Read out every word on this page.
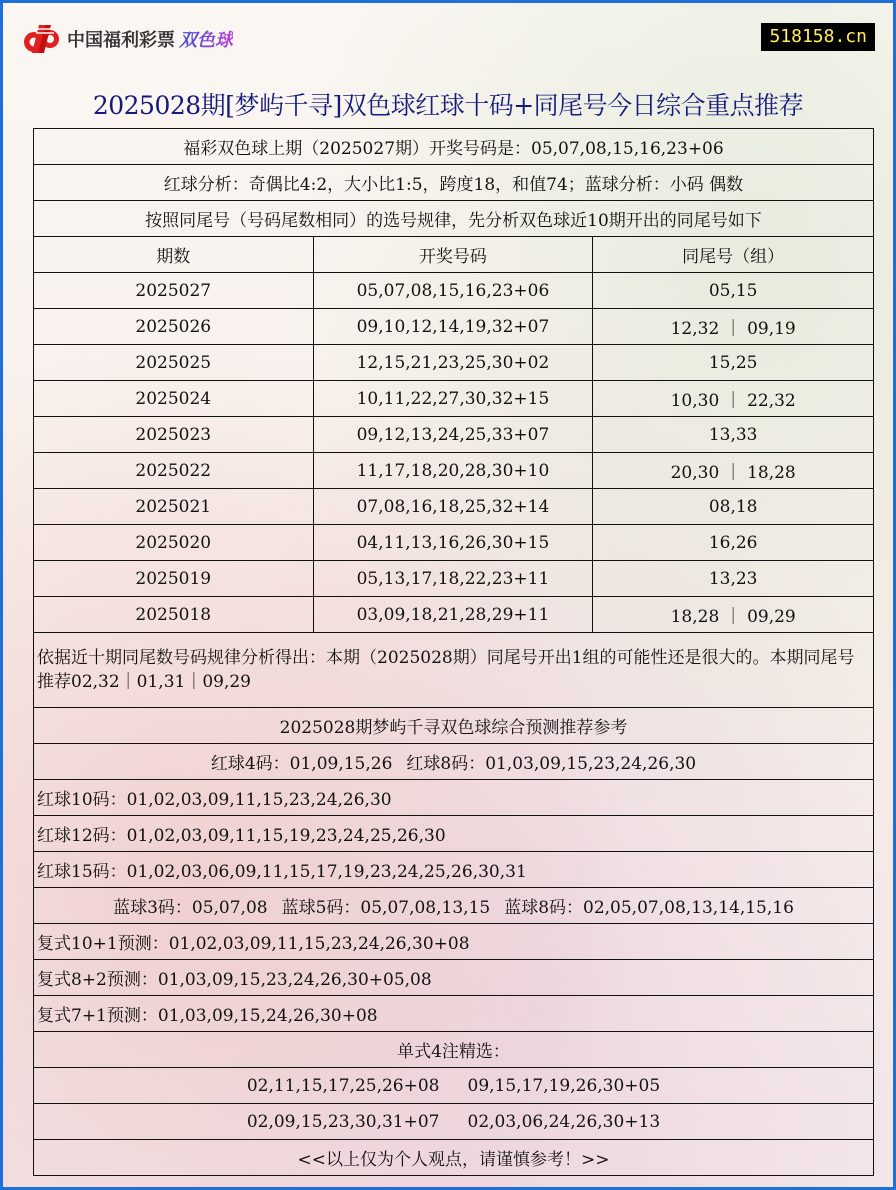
中国福利彩票 双色球	518158.cn
2025028期[梦屿千寻]双色球红球十码+同尾号今日综合重点推荐
福彩双色球上期（2025027期）开奖号码是：05,07,08,15,16,23+06		
红球分析：奇偶比4:2，大小比1:5，跨度18，和值74；蓝球分析：小码 偶数		
按照同尾号（号码尾数相同）的选号规律，先分析双色球近10期开出的同尾号如下		
期数	开奖号码	同尾号（组）
2025027	05,07,08,15,16,23+06	05,15
2025026	09,10,12,14,19,32+07	12,32 ｜ 09,19
2025025	12,15,21,23,25,30+02	15,25
2025024	10,11,22,27,30,32+15	10,30 ｜ 22,32
2025023	09,12,13,24,25,33+07	13,33
2025022	11,17,18,20,28,30+10	20,30 ｜ 18,28
2025021	07,08,16,18,25,32+14	08,18
2025020	04,11,13,16,26,30+15	16,26
2025019	05,13,17,18,22,23+11	13,23
2025018	03,09,18,21,28,29+11	18,28 ｜ 09,29
依据近十期同尾数号码规律分析得出：本期（2025028期）同尾号开出1组的可能性还是很大的。本期同尾号推荐02,32｜01,31｜09,29		
2025028期梦屿千寻双色球综合预测推荐参考		
红球4码：01,09,15,26 红球8码：01,03,09,15,23,24,26,30		
红球10码：01,02,03,09,11,15,23,24,26,30		
红球12码：01,02,03,09,11,15,19,23,24,25,26,30		
红球15码：01,02,03,06,09,11,15,17,19,23,24,25,26,30,31		
蓝球3码：05,07,08 蓝球5码：05,07,08,13,15 蓝球8码：02,05,07,08,13,14,15,16		
复式10+1预测：01,02,03,09,11,15,23,24,26,30+08		
复式8+2预测：01,03,09,15,23,24,26,30+05,08		
复式7+1预测：01,03,09,15,24,26,30+08		
单式4注精选：		
02,11,15,17,25,26+08 09,15,17,19,26,30+05		
02,09,15,23,30,31+07 02,03,06,24,26,30+13		
<<以上仅为个人观点，请谨慎参考！>>		
